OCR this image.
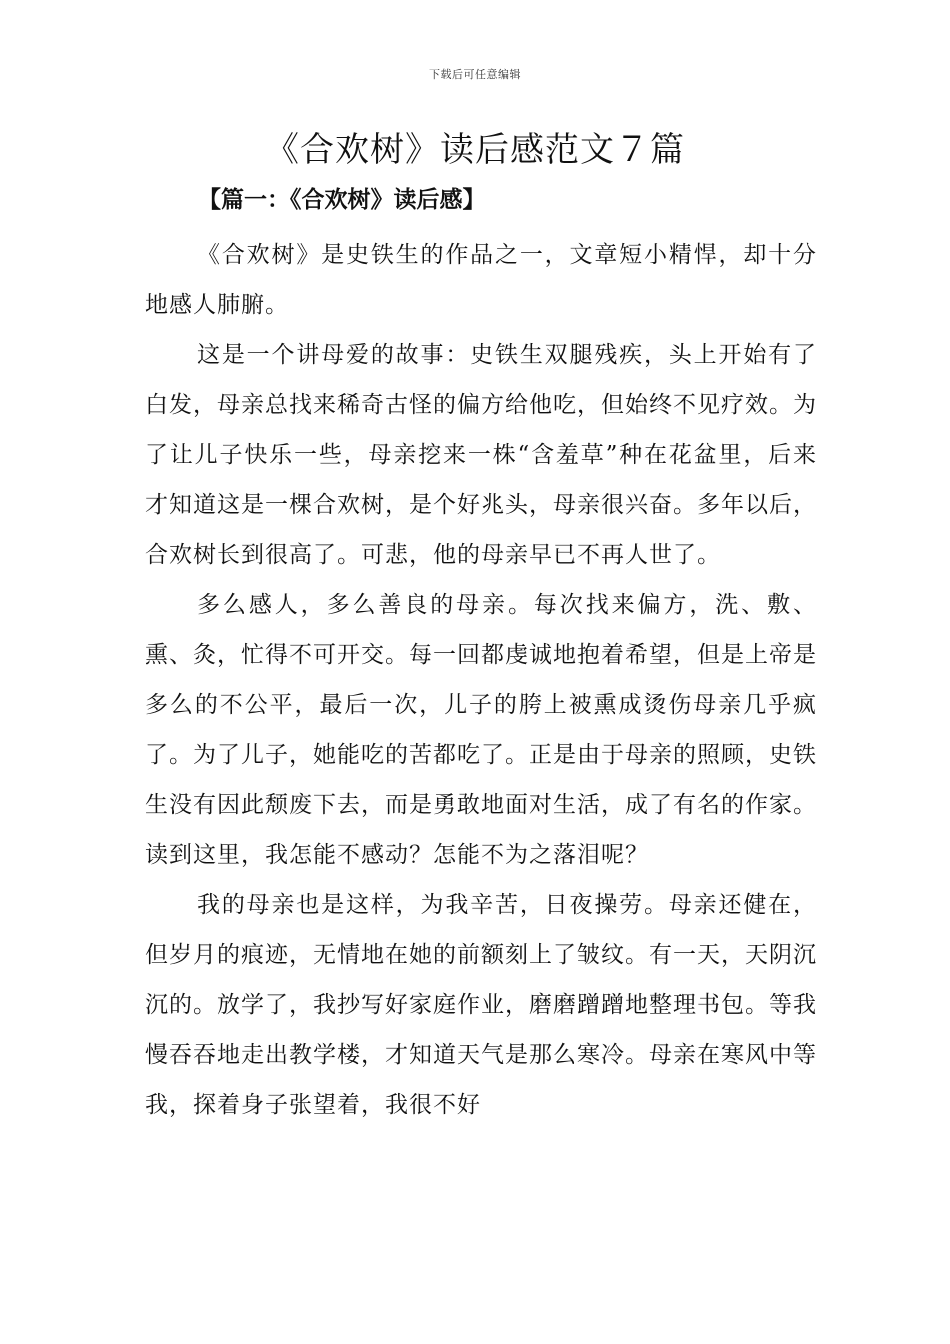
下载后可任意编辑
《合欢树》读后感范文７篇
【篇一：《合欢树》读后感】

《合欢树》是史铁生的作品之一，文章短小精悍，却十分地感人肺腑。

这是一个讲母爱的故事：史铁生双腿残疾，头上开始有了白发，母亲总找来稀奇古怪的偏方给他吃，但始终不见疗效。为了让儿子快乐一些，母亲挖来一株“含羞草”种在花盆里，后来才知道这是一棵合欢树，是个好兆头，母亲很兴奋。多年以后，合欢树长到很高了。可悲，他的母亲早已不再人世了。

多么感人，多么善良的母亲。每次找来偏方，洗、敷、熏、灸，忙得不可开交。每一回都虔诚地抱着希望，但是上帝是多么的不公平，最后一次，儿子的胯上被熏成烫伤母亲几乎疯了。为了儿子，她能吃的苦都吃了。正是由于母亲的照顾，史铁生没有因此颓废下去，而是勇敢地面对生活，成了有名的作家。读到这里，我怎能不感动？怎能不为之落泪呢？

我的母亲也是这样，为我辛苦，日夜操劳。母亲还健在，但岁月的痕迹，无情地在她的前额刻上了皱纹。有一天，天阴沉沉的。放学了，我抄写好家庭作业，磨磨蹭蹭地整理书包。等我慢吞吞地走出教学楼，才知道天气是那么寒冷。母亲在寒风中等我，探着身子张望着，我很不好
